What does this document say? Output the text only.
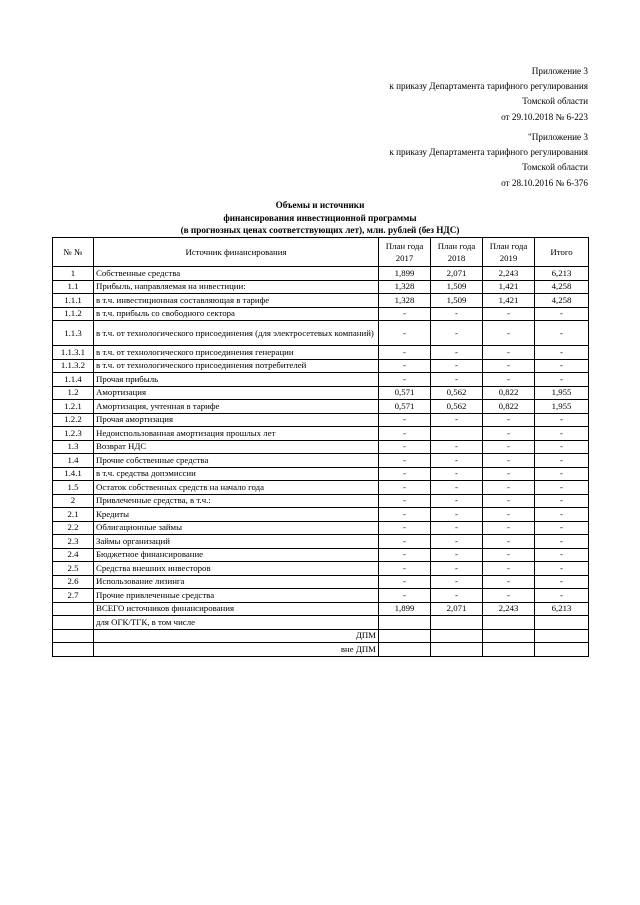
Приложение 3
к приказу Департамента тарифного регулирования
Томской области
от 29.10.2018 № 6-223
"Приложение 3
к приказу Департамента тарифного регулирования
Томской области
от 28.10.2016 № 6-376
Объемы и источники
финансирования инвестиционной программы
(в прогнозных ценах соответствующих лет), млн. рублей (без НДС)
№ №	Источник финансирования	План года 2017	План года 2018	План года 2019	Итого
1	Собственные средства	1,899	2,071	2,243	6,213
1.1	Прибыль, направляемая на инвестиции:	1,328	1,509	1,421	4,258
1.1.1	в т.ч. инвестиционная составляющая в тарифе	1,328	1,509	1,421	4,258
1.1.2	в т.ч. прибыль со свободного сектора	-	-	-	-
1.1.3	в т.ч. от технологического присоединения (для электросетевых компаний)	-	-	-	-
1.1.3.1	в т.ч. от технологического присоединения генерации	-	-	-	-
1.1.3.2	в т.ч. от технологического присоединения потребителей	-	-	-	-
1.1.4	Прочая прибыль	-	-	-	-
1.2	Амортизация	0,571	0,562	0,822	1,955
1.2.1	Амортизация, учтенная в тарифе	0,571	0,562	0,822	1,955
1.2.2	Прочая амортизация	-	-	-	-
1.2.3	Недоиспользованная амортизация прошлых лет	-		-	-
1.3	Возврат НДС	-	-	-	-
1.4	Прочие собственные средства	-	-	-	-
1.4.1	в т.ч. средства допэмиссии	-	-	-	-
1.5	Остаток собственных средств на начало года	-	-	-	-
2	Привлеченные средства, в т.ч.:	-	-	-	-
2.1	Кредиты	-	-	-	-
2.2	Облигационные займы	-	-	-	-
2.3	Займы организаций	-	-	-	-
2.4	Бюджетное финансирование	-	-	-	-
2.5	Средства внешних инвесторов	-	-	-	-
2.6	Использование лизинга	-	-	-	-
2.7	Прочие привлеченные средства	-	-	-	-
	ВСЕГО источников финансирования	1,899	2,071	2,243	6,213
	для ОГК/ТГК, в том числе				
	ДПМ				
	вне ДПМ				
